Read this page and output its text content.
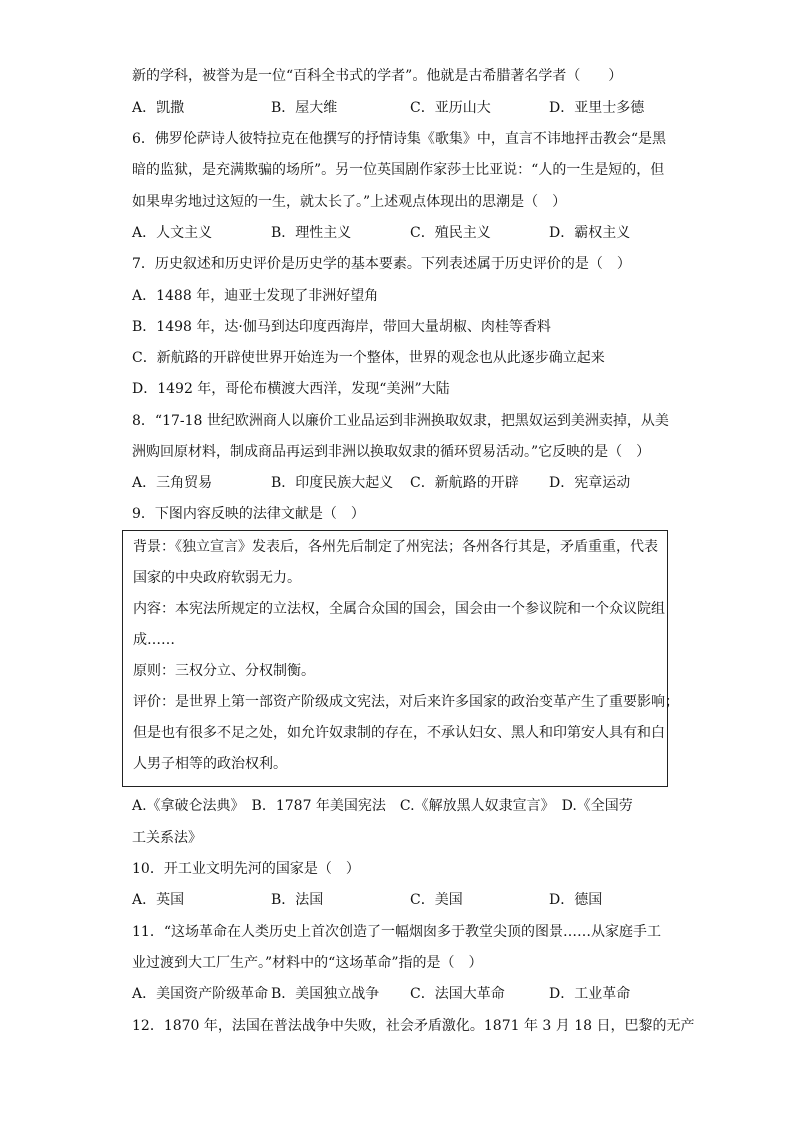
新的学科，被誉为是一位“百科全书式的学者”。他就是古希腊著名学者（　　）
A．凯撒	B．屋大维	C．亚历山大	D．亚里士多德
6．佛罗伦萨诗人彼特拉克在他撰写的抒情诗集《歌集》中，直言不讳地抨击教会“是黑
暗的监狱，是充满欺骗的场所”。另一位英国剧作家莎士比亚说：“人的一生是短的，但
如果卑劣地过这短的一生，就太长了。”上述观点体现出的思潮是（　）
A．人文主义	B．理性主义	C．殖民主义	D．霸权主义
7．历史叙述和历史评价是历史学的基本要素。下列表述属于历史评价的是（　）
A．1488 年，迪亚士发现了非洲好望角
B．1498 年，达·伽马到达印度西海岸，带回大量胡椒、肉桂等香料
C．新航路的开辟使世界开始连为一个整体，世界的观念也从此逐步确立起来
D．1492 年，哥伦布横渡大西洋，发现“美洲”大陆
8．“17-18 世纪欧洲商人以廉价工业品运到非洲换取奴隶，把黑奴运到美洲卖掉，从美
洲购回原材料，制成商品再运到非洲以换取奴隶的循环贸易活动。”它反映的是（　）
A．三角贸易	B．印度民族大起义 C．新航路的开辟 D．宪章运动
9．下图内容反映的法律文献是（　）
背景：《独立宣言》发表后，各州先后制定了州宪法；各州各行其是，矛盾重重，代表
国家的中央政府软弱无力。
内容：本宪法所规定的立法权，全属合众国的国会，国会由一个参议院和一个众议院组
成……
原则：三权分立、分权制衡。
评价：是世界上第一部资产阶级成文宪法，对后来许多国家的政治变革产生了重要影响；
但是也有很多不足之处，如允许奴隶制的存在，不承认妇女、黑人和印第安人具有和白
人男子相等的政治权利。
A.《拿破仑法典》　B．1787 年美国宪法　C.《解放黑人奴隶宣言》　D.《全国劳
工关系法》
10．开工业文明先河的国家是（　）
A．英国	B．法国	C．美国	D．德国
11．“这场革命在人类历史上首次创造了一幅烟囱多于教堂尖顶的图景……从家庭手工
业过渡到大工厂生产。”材料中的“这场革命”指的是（　）
A．美国资产阶级革命 B．美国独立战争 C．法国大革命	D．工业革命
12．1870 年，法国在普法战争中失败，社会矛盾激化。1871 年 3 月 18 日，巴黎的无产
